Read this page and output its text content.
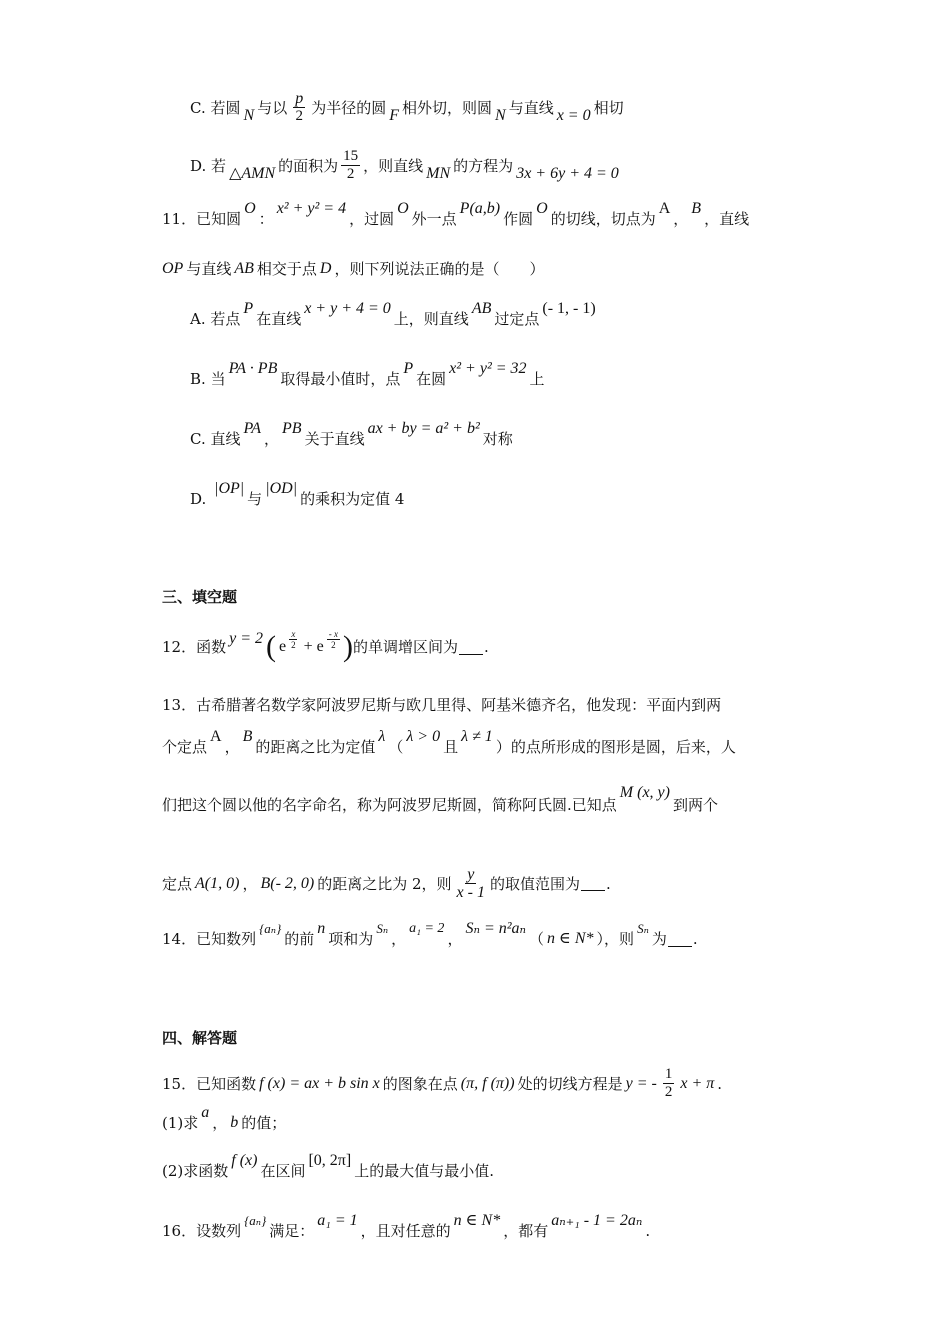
C.
若圆 N 与以 $\frac{p}{2}$ 为半径的圆 F 相外切，则圆 N 与直线 x = 0 相切
D.
若 △AMN 的面积为 $\frac{15}{2}$ ，则直线 MN 的方程为 3x + 6y + 4 = 0
11． 已知圆
O
：
x² + y² = 4
，过圆
O
外一点
P(a,b)
作圆
O
的切线，切点为
A
，
B
，直线
OP 与直线 AB 相交于点 D ，则下列说法正确的是（　　）
A.
若点
P
在直线
x + y + 4 = 0
上，则直线
AB
过定点
(- 1, - 1)
B.
当
PA · PB
取得最小值时，点
P
在圆
x² + y² = 32
上
C.
直线
PA
，
PB
关于直线
ax + by = a² + b²
对称
D.

|OP|
与
|OD|
的乘积为定值 4
三、填空题
12． 函数 y = 2 ( e $\frac{x}{2} + e \frac{- x}{2}$ ) 的单调增区间为 .
13． 古希腊著名数学家阿波罗尼斯与欧几里得、阿基米德齐名，他发现：平面内到两
个定点
A
，
B
的距离之比为定值
λ
（
λ > 0
且
λ ≠ 1
）的点所形成的图形是圆，后来，人
们把这个圆以他的名字命名，称为阿波罗尼斯圆，简称阿氏圆.已知点
M (x, y)
到两个
定点 A(1, 0) ， B(- 2, 0) 的距离之比为 2，则 $\frac{y}{x - 1}$ 的取值范围为 .
14． 已知数列
{aₙ}
的前
n
项和为
Sₙ
，
a₁ = 2
，
Sₙ = n²aₙ
（ n ∈ N* ），则
Sₙ
为 .
四、解答题
15． 已知函数 f (x) = ax + b sin x 的图象在点 (π, f (π)) 处的切线方程是 y = - $\frac{1}{2}$ x + π .
(1)求
a
， b 的值；
(2)求函数
f (x)
在区间
[0, 2π]
上的最大值与最小值.
16． 设数列
{aₙ}
满足：
a₁ = 1
，且对任意的
n ∈ N*
，都有
aₙ₊₁ - 1 = 2aₙ
.
